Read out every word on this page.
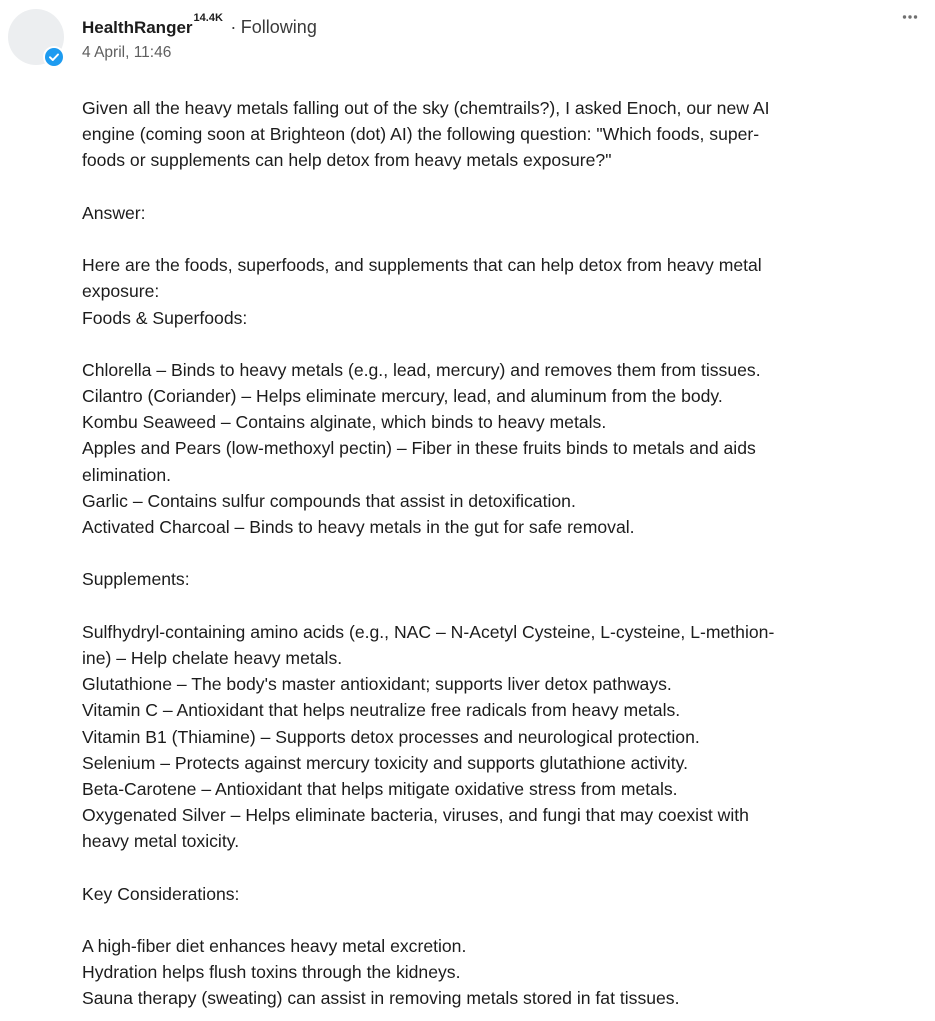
HealthRanger$^{14.4K}$ · Following
4 April, 11:46
Given all the heavy metals falling out of the sky (chemtrails?), I asked Enoch, our new AI
engine (coming soon at Brighteon (dot) AI) the following question: "Which foods, super-
foods or supplements can help detox from heavy metals exposure?"
Answer:
Here are the foods, superfoods, and supplements that can help detox from heavy metal
exposure:
Foods & Superfoods:
Chlorella – Binds to heavy metals (e.g., lead, mercury) and removes them from tissues.
Cilantro (Coriander) – Helps eliminate mercury, lead, and aluminum from the body.
Kombu Seaweed – Contains alginate, which binds to heavy metals.
Apples and Pears (low-methoxyl pectin) – Fiber in these fruits binds to metals and aids
elimination.
Garlic – Contains sulfur compounds that assist in detoxification.
Activated Charcoal – Binds to heavy metals in the gut for safe removal.
Supplements:
Sulfhydryl-containing amino acids (e.g., NAC – N-Acetyl Cysteine, L-cysteine, L-methion-
ine) – Help chelate heavy metals.
Glutathione – The body's master antioxidant; supports liver detox pathways.
Vitamin C – Antioxidant that helps neutralize free radicals from heavy metals.
Vitamin B1 (Thiamine) – Supports detox processes and neurological protection.
Selenium – Protects against mercury toxicity and supports glutathione activity.
Beta-Carotene – Antioxidant that helps mitigate oxidative stress from metals.
Oxygenated Silver – Helps eliminate bacteria, viruses, and fungi that may coexist with
heavy metal toxicity.
Key Considerations:
A high-fiber diet enhances heavy metal excretion.
Hydration helps flush toxins through the kidneys.
Sauna therapy (sweating) can assist in removing metals stored in fat tissues.
